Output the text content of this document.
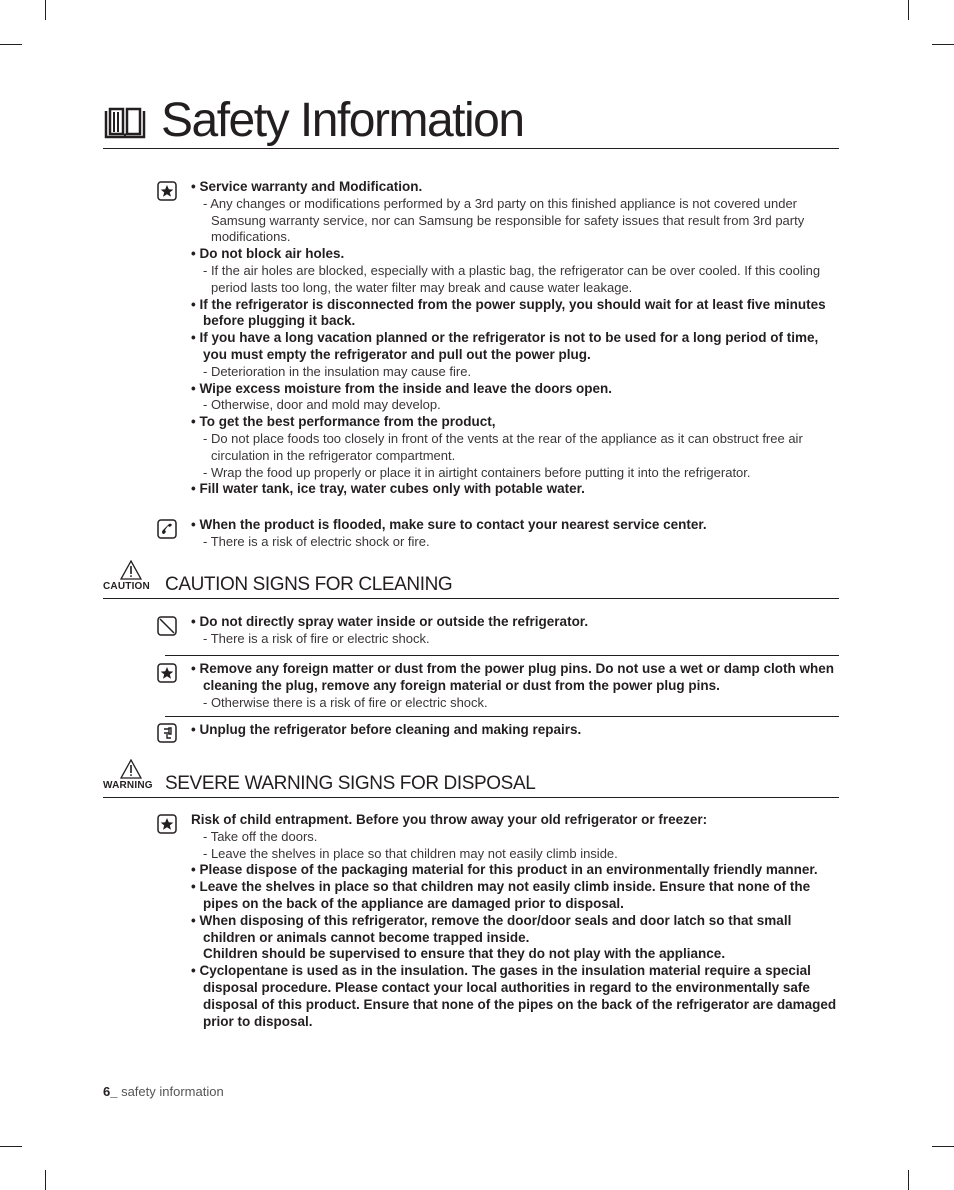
Safety Information
• Service warranty and Modification.
- Any changes or modifications performed by a 3rd party on this finished appliance is not covered under Samsung warranty service, nor can Samsung be responsible for safety issues that result from 3rd party modifications.
• Do not block air holes.
- If the air holes are blocked, especially with a plastic bag, the refrigerator can be over cooled. If this cooling period lasts too long, the water filter may break and cause water leakage.
• If the refrigerator is disconnected from the power supply, you should wait for at least five minutes before plugging it back.
• If you have a long vacation planned or the refrigerator is not to be used for a long period of time, you must empty the refrigerator and pull out the power plug.
- Deterioration in the insulation may cause fire.
• Wipe excess moisture from the inside and leave the doors open.
- Otherwise, door and mold may develop.
• To get the best performance from the product,
- Do not place foods too closely in front of the vents at the rear of the appliance as it can obstruct free air circulation in the refrigerator compartment.
- Wrap the food up properly or place it in airtight containers before putting it into the refrigerator.
• Fill water tank, ice tray, water cubes only with potable water.
• When the product is flooded, make sure to contact your nearest service center.
- There is a risk of electric shock or fire.
CAUTION CAUTION SIGNS FOR CLEANING
• Do not directly spray water inside or outside the refrigerator.
- There is a risk of fire or electric shock.
• Remove any foreign matter or dust from the power plug pins. Do not use a wet or damp cloth when cleaning the plug, remove any foreign material or dust from the power plug pins.
- Otherwise there is a risk of fire or electric shock.
• Unplug the refrigerator before cleaning and making repairs.
WARNING SEVERE WARNING SIGNS FOR DISPOSAL
Risk of child entrapment. Before you throw away your old refrigerator or freezer:
- Take off the doors.
- Leave the shelves in place so that children may not easily climb inside.
• Please dispose of the packaging material for this product in an environmentally friendly manner.
• Leave the shelves in place so that children may not easily climb inside. Ensure that none of the pipes on the back of the appliance are damaged prior to disposal.
• When disposing of this refrigerator, remove the door/door seals and door latch so that small children or animals cannot become trapped inside.
Children should be supervised to ensure that they do not play with the appliance.
• Cyclopentane is used as in the insulation. The gases in the insulation material require a special disposal procedure. Please contact your local authorities in regard to the environmentally safe disposal of this product. Ensure that none of the pipes on the back of the refrigerator are damaged prior to disposal.
6_ safety information
